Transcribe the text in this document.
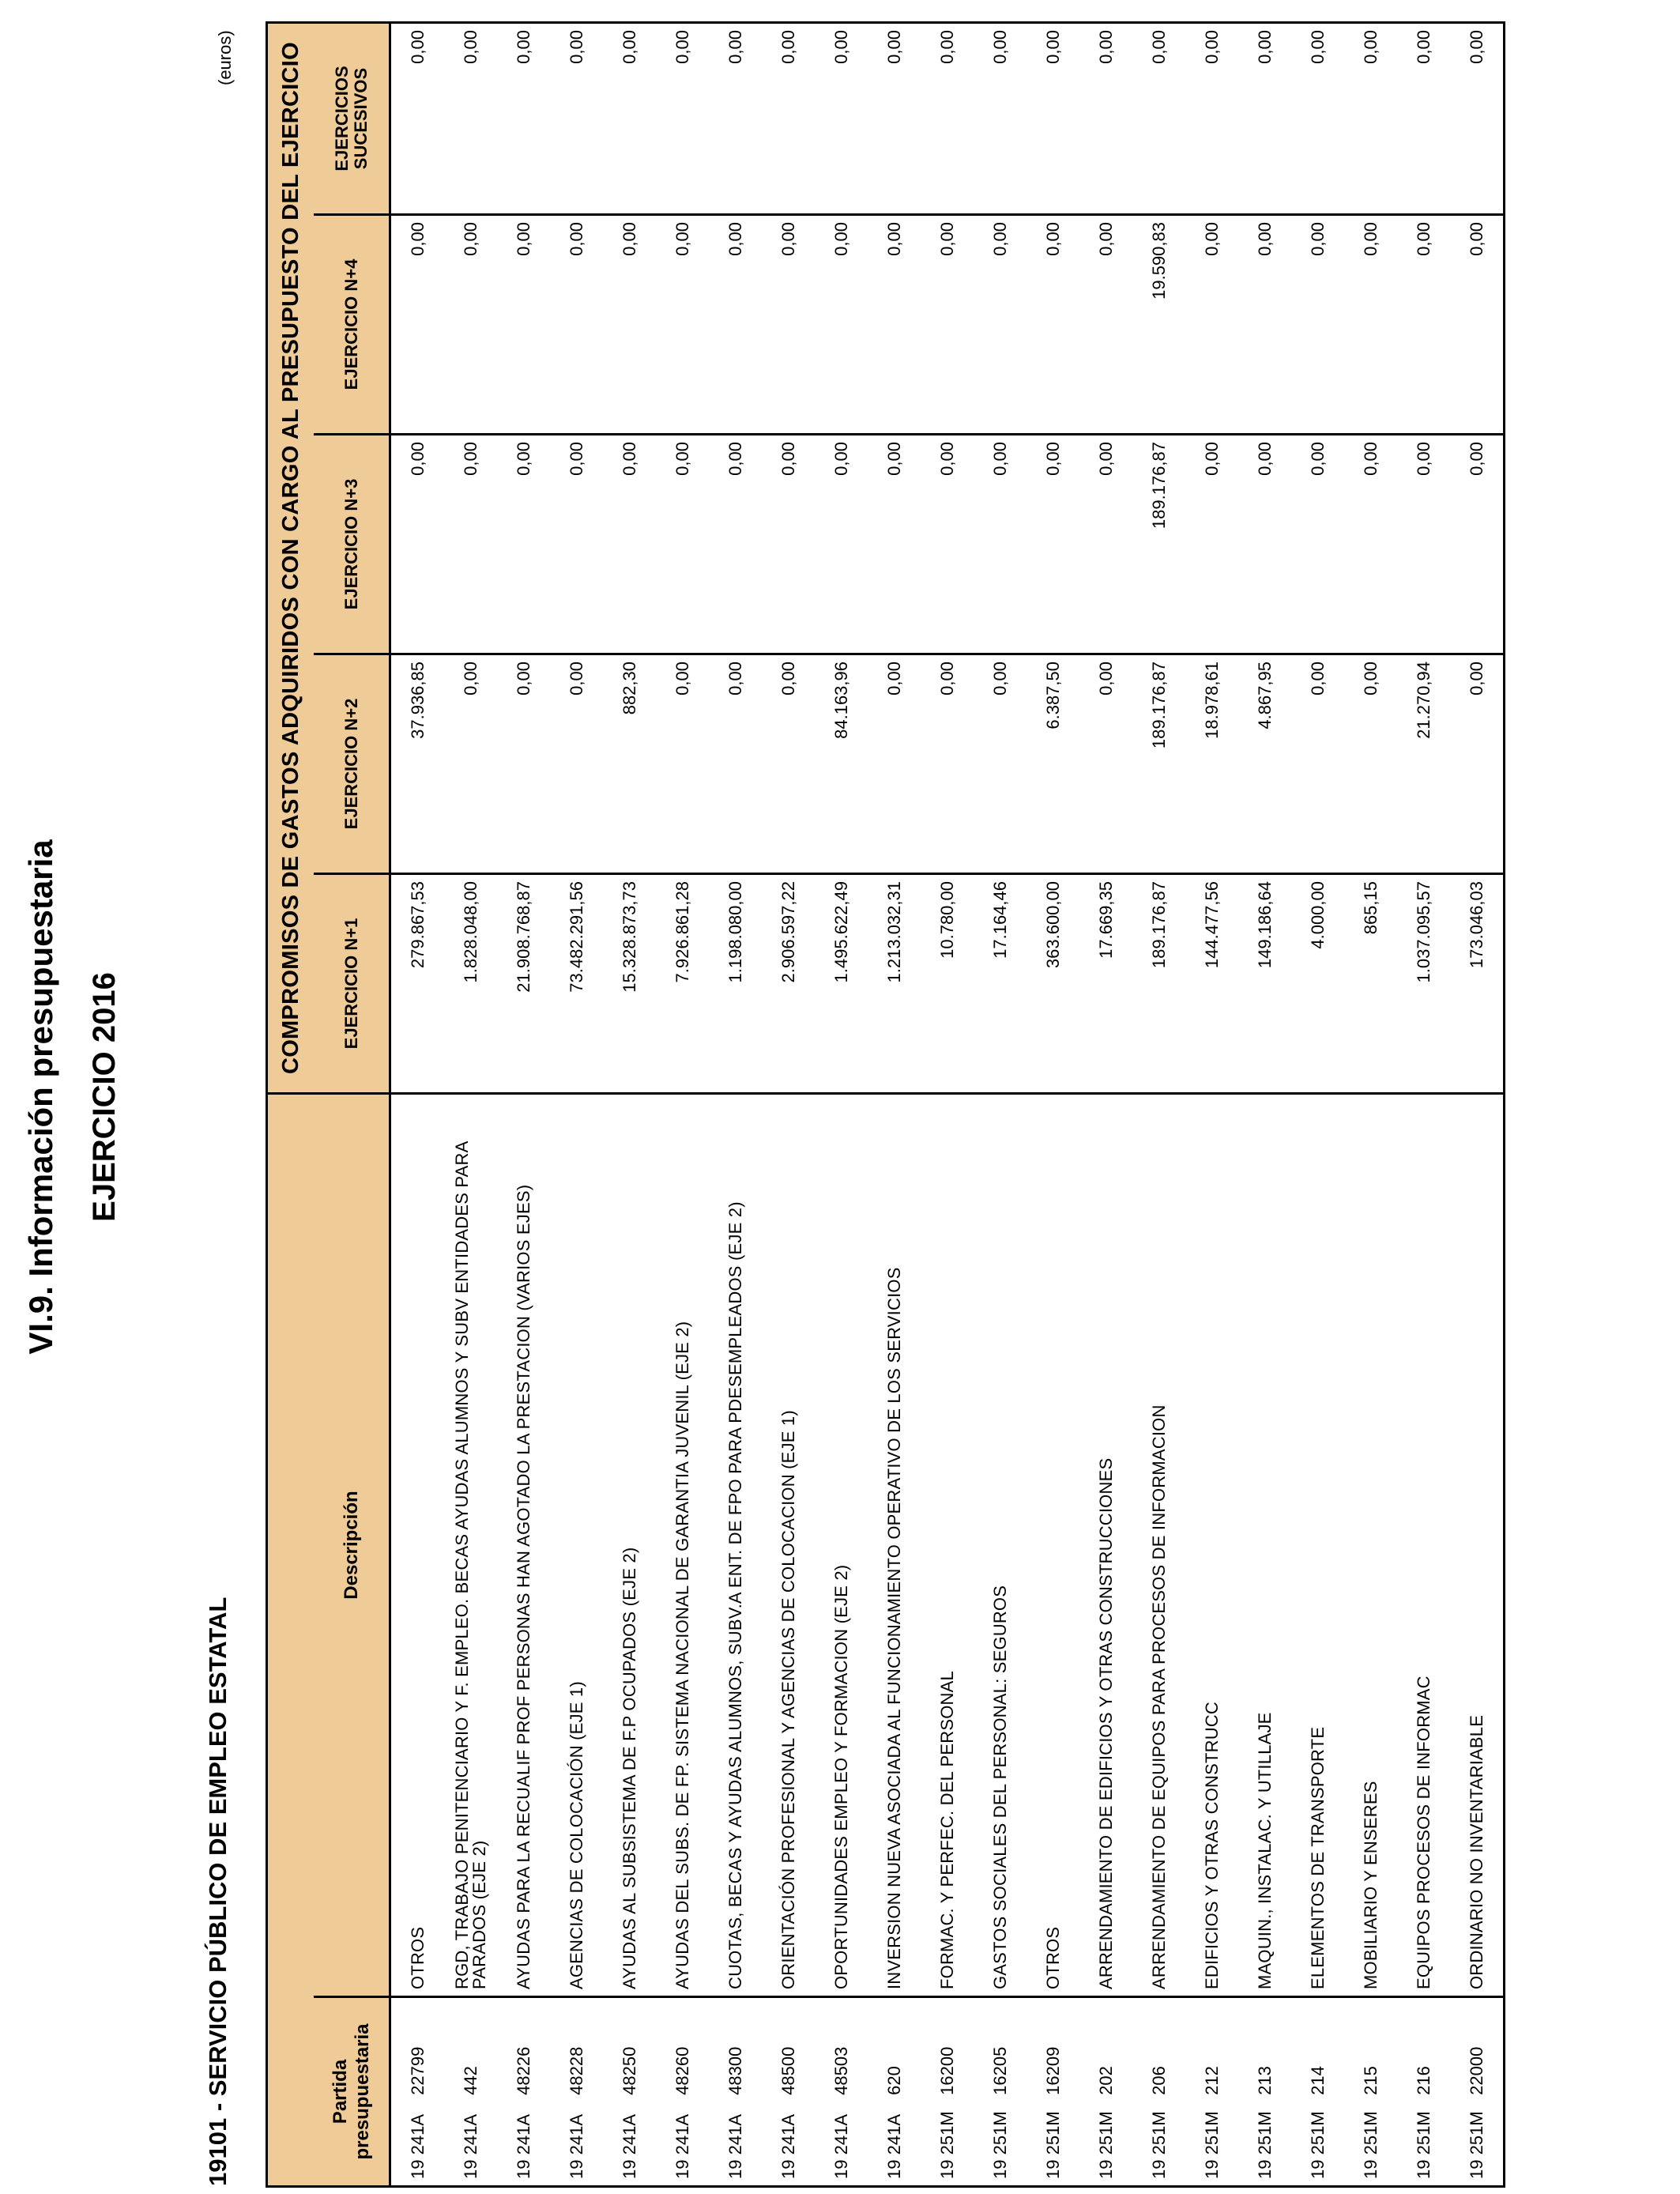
VI.9. Información presupuestaria EJERCICIO 2016
19101 - SERVICIO PÚBLICO DE EMPLEO ESTATAL
(euros)
		COMPROMISOS DE GASTOS ADQUIRIDOS CON CARGO AL PRESUPUESTO DEL EJERCICIO				
Partida presupuestaria	Descripción	EJERCICIO N+1	EJERCICIO N+2	EJERCICIO N+3	EJERCICIO N+4	EJERCICIOS SUCESIVOS

19 241A 22799	OTROS	279.867,53	37.936,85	0,00	0,00	0,00
19 241A 442	RGD, TRABAJO PENITENCIARIO Y F. EMPLEO. BECAS AYUDAS ALUMNOS Y SUBV ENTIDADES PARA PARADOS (EJE 2)	1.828.048,00	0,00	0,00	0,00	0,00
19 241A 48226	AYUDAS PARA LA RECUALIF PROF PERSONAS HAN AGOTADO LA PRESTACION (VARIOS EJES)	21.908.768,87	0,00	0,00	0,00	0,00
19 241A 48228	AGENCIAS DE COLOCACIÓN (EJE 1)	73.482.291,56	0,00	0,00	0,00	0,00
19 241A 48250	AYUDAS AL SUBSISTEMA DE F.P OCUPADOS (EJE 2)	15.328.873,73	882,30	0,00	0,00	0,00
19 241A 48260	AYUDAS DEL SUBS. DE FP. SISTEMA NACIONAL DE GARANTIA JUVENIL (EJE 2)	7.926.861,28	0,00	0,00	0,00	0,00
19 241A 48300	CUOTAS, BECAS Y AYUDAS ALUMNOS, SUBV.A ENT. DE FPO PARA PDESEMPLEADOS (EJE 2)	1.198.080,00	0,00	0,00	0,00	0,00
19 241A 48500	ORIENTACIÓN PROFESIONAL Y AGENCIAS DE COLOCACION (EJE 1)	2.906.597,22	0,00	0,00	0,00	0,00
19 241A 48503	OPORTUNIDADES EMPLEO Y FORMACION (EJE 2)	1.495.622,49	84.163,96	0,00	0,00	0,00
19 241A 620	INVERSION NUEVA ASOCIADA AL FUNCIONAMIENTO OPERATIVO DE LOS SERVICIOS	1.213.032,31	0,00	0,00	0,00	0,00
19 251M 16200	FORMAC. Y PERFEC. DEL PERSONAL	10.780,00	0,00	0,00	0,00	0,00
19 251M 16205	GASTOS SOCIALES DEL PERSONAL: SEGUROS	17.164,46	0,00	0,00	0,00	0,00
19 251M 16209	OTROS	363.600,00	6.387,50	0,00	0,00	0,00
19 251M 202	ARRENDAMIENTO DE EDIFICIOS Y OTRAS CONSTRUCCIONES	17.669,35	0,00	0,00	0,00	0,00
19 251M 206	ARRENDAMIENTO DE EQUIPOS PARA PROCESOS DE INFORMACION	189.176,87	189.176,87	189.176,87	19.590,83	0,00
19 251M 212	EDIFICIOS Y OTRAS CONSTRUCC	144.477,56	18.978,61	0,00	0,00	0,00
19 251M 213	MAQUIN., INSTALAC. Y UTILLAJE	149.186,64	4.867,95	0,00	0,00	0,00
19 251M 214	ELEMENTOS DE TRANSPORTE	4.000,00	0,00	0,00	0,00	0,00
19 251M 215	MOBILIARIO Y ENSERES	865,15	0,00	0,00	0,00	0,00
19 251M 216	EQUIPOS PROCESOS DE INFORMAC	1.037.095,57	21.270,94	0,00	0,00	0,00
19 251M 22000	ORDINARIO NO INVENTARIABLE	173.046,03	0,00	0,00	0,00	0,00
